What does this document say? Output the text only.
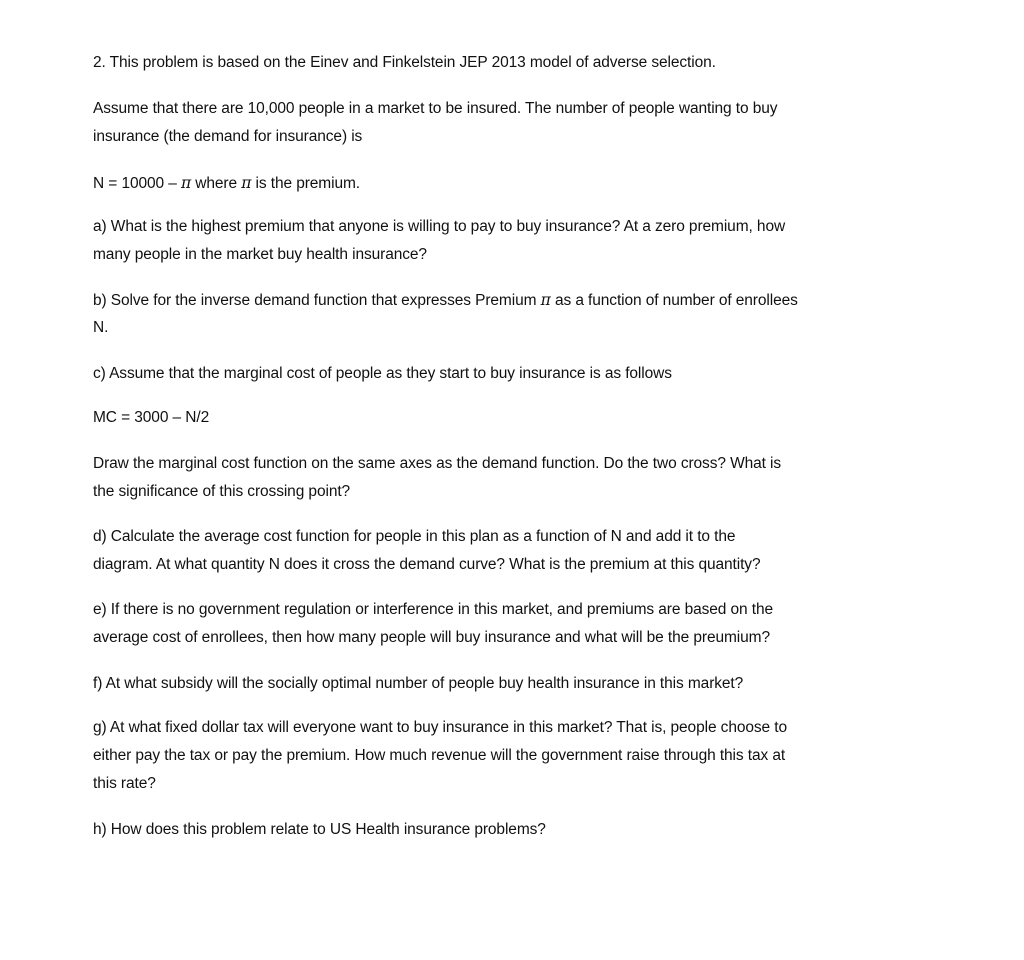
2. This problem is based on the Einev and Finkelstein JEP 2013 model of adverse selection.
Assume that there are 10,000 people in a market to be insured. The number of people wanting to buy
insurance (the demand for insurance) is
N = 10000 – π where π is the premium.
a) What is the highest premium that anyone is willing to pay to buy insurance? At a zero premium, how
many people in the market buy health insurance?
b) Solve for the inverse demand function that expresses Premium π as a function of number of enrollees
N.
c) Assume that the marginal cost of people as they start to buy insurance is as follows
MC = 3000 – N/2
Draw the marginal cost function on the same axes as the demand function. Do the two cross? What is
the significance of this crossing point?
d) Calculate the average cost function for people in this plan as a function of N and add it to the
diagram. At what quantity N does it cross the demand curve? What is the premium at this quantity?
e) If there is no government regulation or interference in this market, and premiums are based on the
average cost of enrollees, then how many people will buy insurance and what will be the preumium?
f) At what subsidy will the socially optimal number of people buy health insurance in this market?
g) At what fixed dollar tax will everyone want to buy insurance in this market? That is, people choose to
either pay the tax or pay the premium. How much revenue will the government raise through this tax at
this rate?
h) How does this problem relate to US Health insurance problems?
